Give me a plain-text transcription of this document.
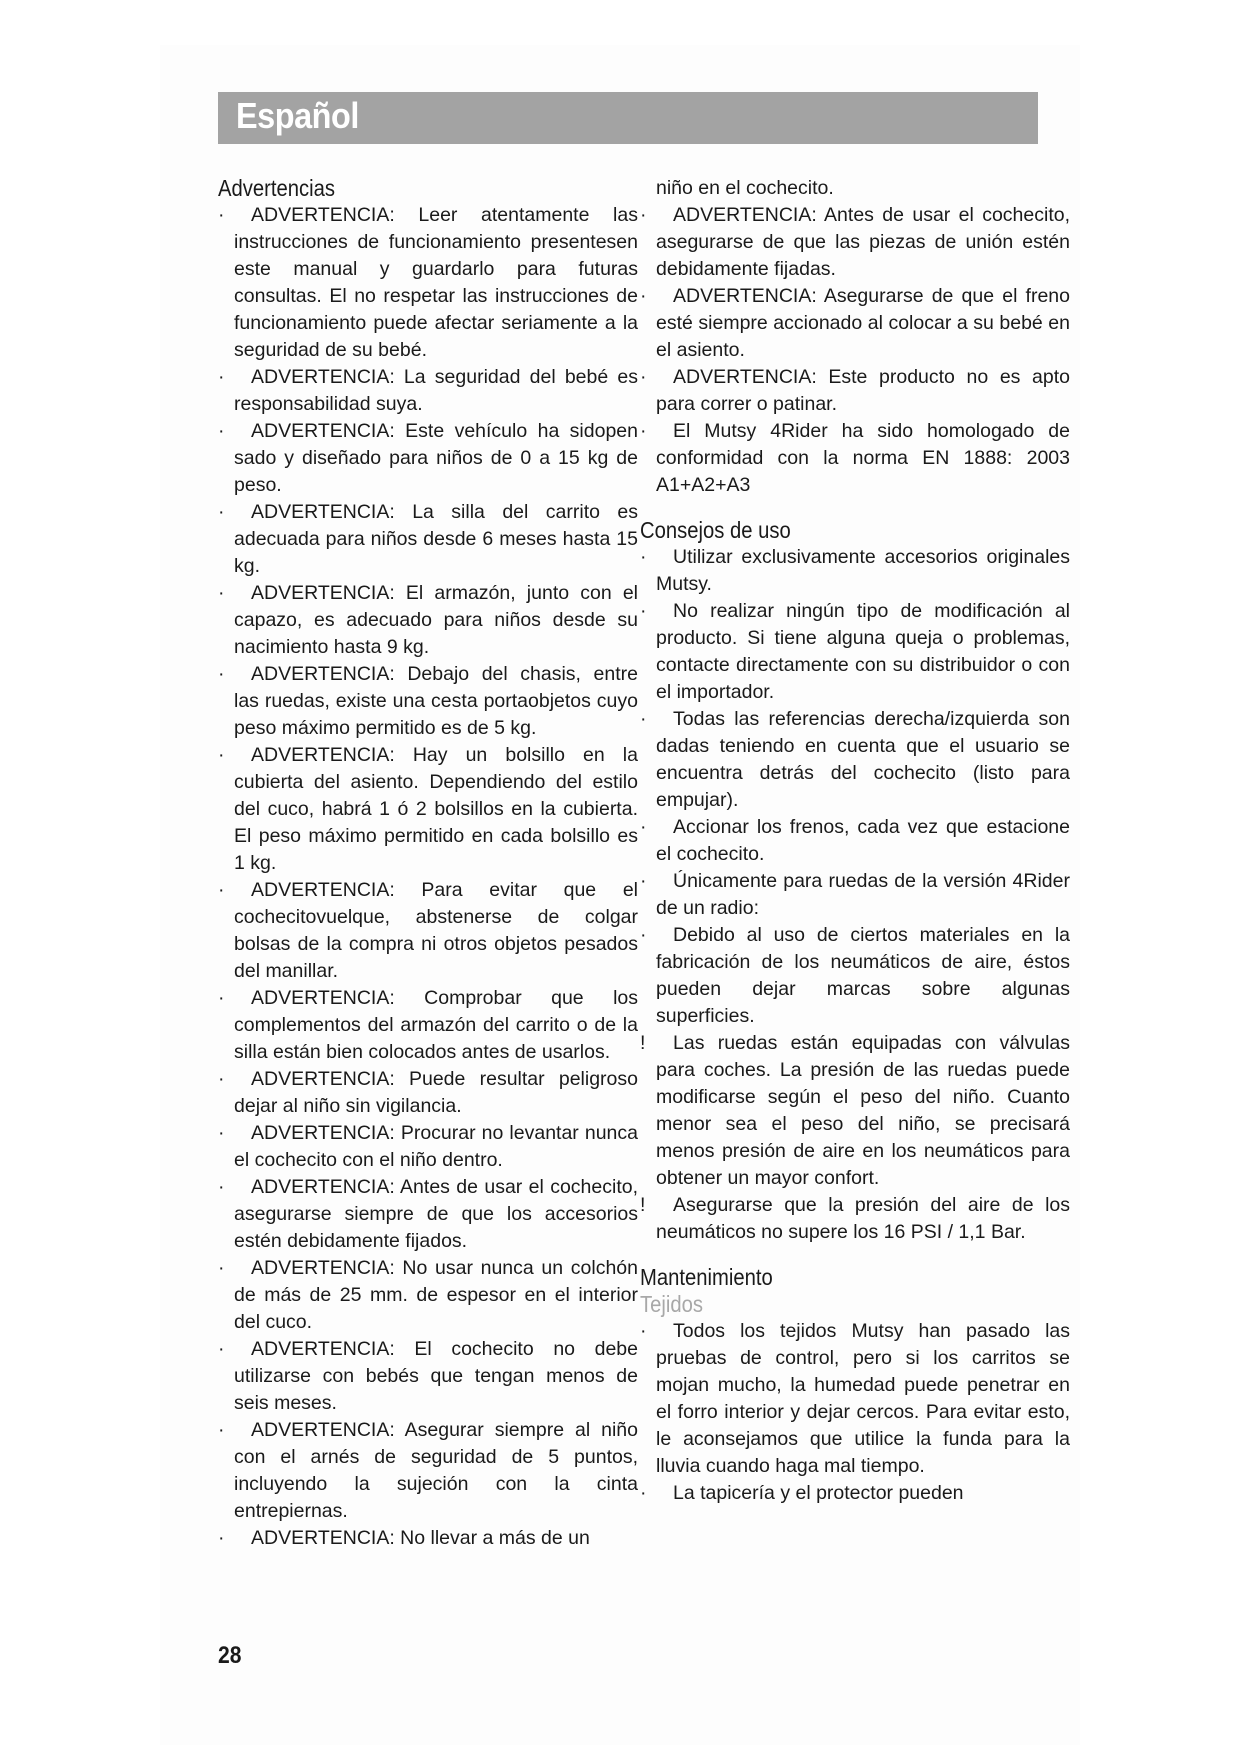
Español
Advertencias
·	ADVERTENCIA: Leer atentamente las instrucciones de funcionamiento presentesen este manual y guardarlo para futuras consultas. El no respetar las instrucciones de funcionamiento puede afectar seriamente a la seguridad de su bebé.
·	ADVERTENCIA: La seguridad del bebé es responsabilidad suya.
·	ADVERTENCIA: Este vehículo ha sidopen sado y diseñado para niños de 0 a 15 kg de peso.
·	ADVERTENCIA: La silla del carrito es adecuada para niños desde 6 meses hasta 15 kg.
·	ADVERTENCIA: El armazón, junto con el capazo, es adecuado para niños desde su nacimiento hasta 9 kg.
·	ADVERTENCIA: Debajo del chasis, entre las ruedas, existe una cesta portaobjetos cuyo peso máximo permitido es de 5 kg.
·	ADVERTENCIA: Hay un bolsillo en la cubierta del asiento. Dependiendo del estilo del cuco, habrá 1 ó 2 bolsillos en la cubierta. El peso máximo permitido en cada bolsillo es 1 kg.
·	ADVERTENCIA: Para evitar que el cochecitovuelque, abstenerse de colgar bolsas de la compra ni otros objetos pesados del manillar.
·	ADVERTENCIA: Comprobar que los complementos del armazón del carrito o de la silla están bien colocados antes de usarlos.
·	ADVERTENCIA: Puede resultar peligroso dejar al niño sin vigilancia.
·	ADVERTENCIA: Procurar no levantar nunca el cochecito con el niño dentro.
·	ADVERTENCIA: Antes de usar el cochecito, asegurarse siempre de que los accesorios estén debidamente fijados.
·	ADVERTENCIA: No usar nunca un colchón de más de 25 mm. de espesor en el interior del cuco.
·	ADVERTENCIA: El cochecito no debe utilizarse con bebés que tengan menos de seis meses.
·	ADVERTENCIA: Asegurar siempre al niño con el arnés de seguridad de 5 puntos, incluyendo la sujeción con la cinta entrepiernas.
·	ADVERTENCIA: No llevar a más de un
niño en el cochecito.
·	ADVERTENCIA: Antes de usar el cochecito, asegurarse de que las piezas de unión estén debidamente fijadas.
·	ADVERTENCIA: Asegurarse de que el freno esté siempre accionado al colocar a su bebé en el asiento.
·	ADVERTENCIA: Este producto no es apto para correr o patinar.
·	El Mutsy 4Rider ha sido homologado de conformidad con la norma EN 1888: 2003 A1+A2+A3
Consejos de uso
·	Utilizar exclusivamente accesorios originales Mutsy.
·	No realizar ningún tipo de modificación al producto. Si tiene alguna queja o problemas, contacte directamente con su distribuidor o con el importador.
·	Todas las referencias derecha/izquierda son dadas teniendo en cuenta que el usuario se encuentra detrás del cochecito (listo para empujar).
·	Accionar los frenos, cada vez que estacione el cochecito.
·	Únicamente para ruedas de la versión 4Rider de un radio:
·	Debido al uso de ciertos materiales en la fabricación de los neumáticos de aire, éstos pueden dejar marcas sobre algunas superficies.
!	Las ruedas están equipadas con válvulas para coches. La presión de las ruedas puede modificarse según el peso del niño. Cuanto menor sea el peso del niño, se precisará menos presión de aire en los neumáticos para obtener un mayor confort.
!	Asegurarse que la presión del aire de los neumáticos no supere los 16 PSI / 1,1 Bar.
Mantenimiento
Tejidos
·	Todos los tejidos Mutsy han pasado las pruebas de control, pero si los carritos se mojan mucho, la humedad puede penetrar en el forro interior y dejar cercos. Para evitar esto, le aconsejamos que utilice la funda para la lluvia cuando haga mal tiempo.
·	La tapicería y el protector pueden
28
